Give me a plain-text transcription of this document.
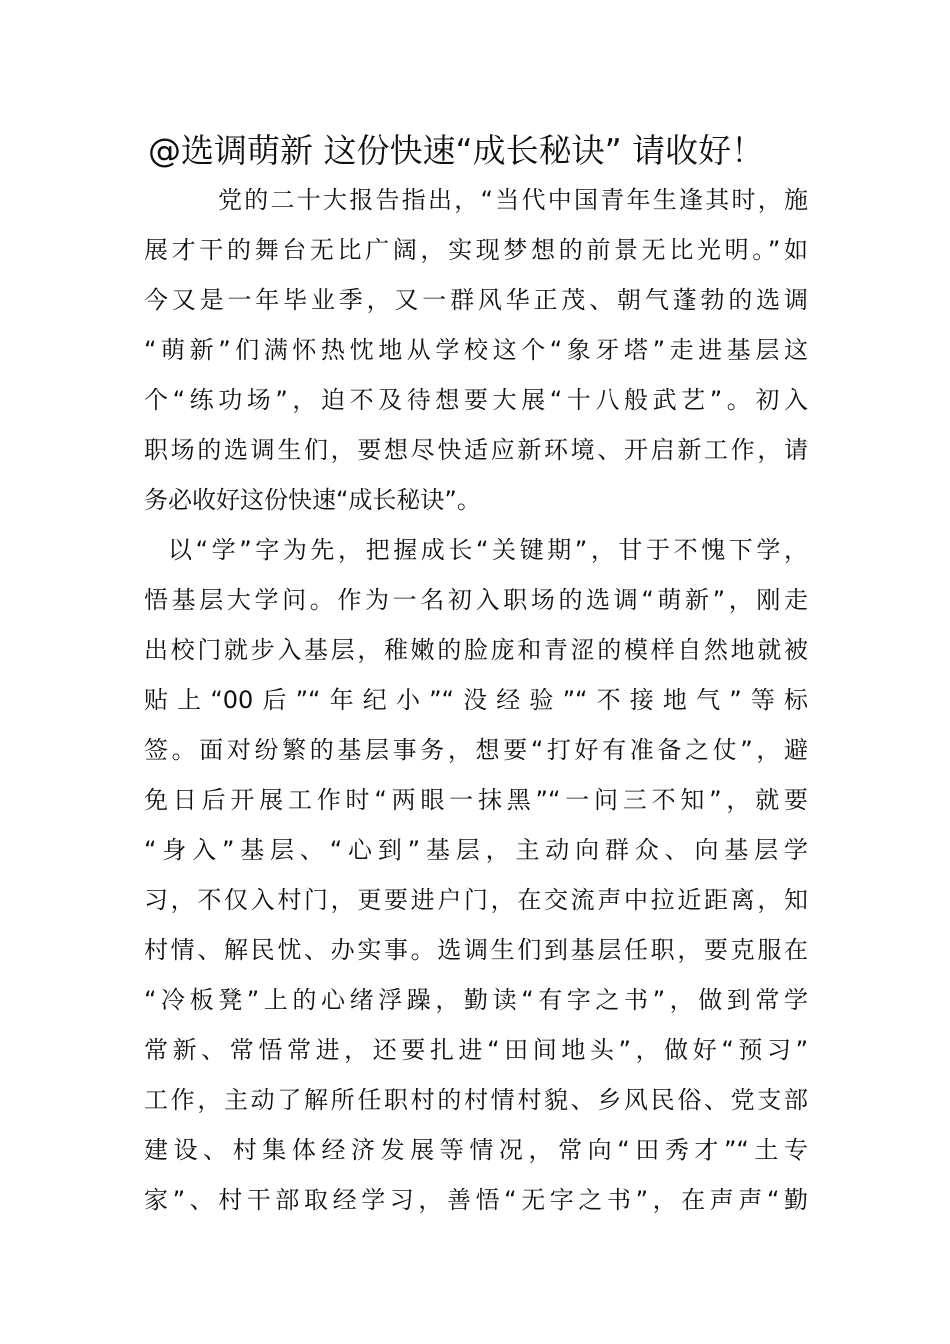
@选调萌新 这份快速“成长秘诀” 请收好！
党的二十大报告指出，“当代中国青年生逢其时，施
展才干的舞台无比广阔，实现梦想的前景无比光明。”如
今又是一年毕业季，又一群风华正茂、朝气蓬勃的选调
“萌新”们满怀热忱地从学校这个“象牙塔”走进基层这
个“练功场”，迫不及待想要大展“十八般武艺”。初入
职场的选调生们，要想尽快适应新环境、开启新工作，请
务必收好这份快速“成长秘诀”。
以“学”字为先，把握成长“关键期”，甘于不愧下学，
悟基层大学问。作为一名初入职场的选调“萌新”，刚走
出校门就步入基层，稚嫩的脸庞和青涩的模样自然地就被
贴上“00后”“年纪小”“没经验”“不接地气”等标
签。面对纷繁的基层事务，想要“打好有准备之仗”，避
免日后开展工作时“两眼一抹黑”“一问三不知”，就要
“身入”基层、“心到”基层，主动向群众、向基层学
习，不仅入村门，更要进户门，在交流声中拉近距离，知
村情、解民忧、办实事。选调生们到基层任职，要克服在
“冷板凳”上的心绪浮躁，勤读“有字之书”，做到常学
常新、常悟常进，还要扎进“田间地头”，做好“预习”
工作，主动了解所任职村的村情村貌、乡风民俗、党支部
建设、村集体经济发展等情况，常向“田秀才”“土专
家”、村干部取经学习，善悟“无字之书”，在声声“勤
